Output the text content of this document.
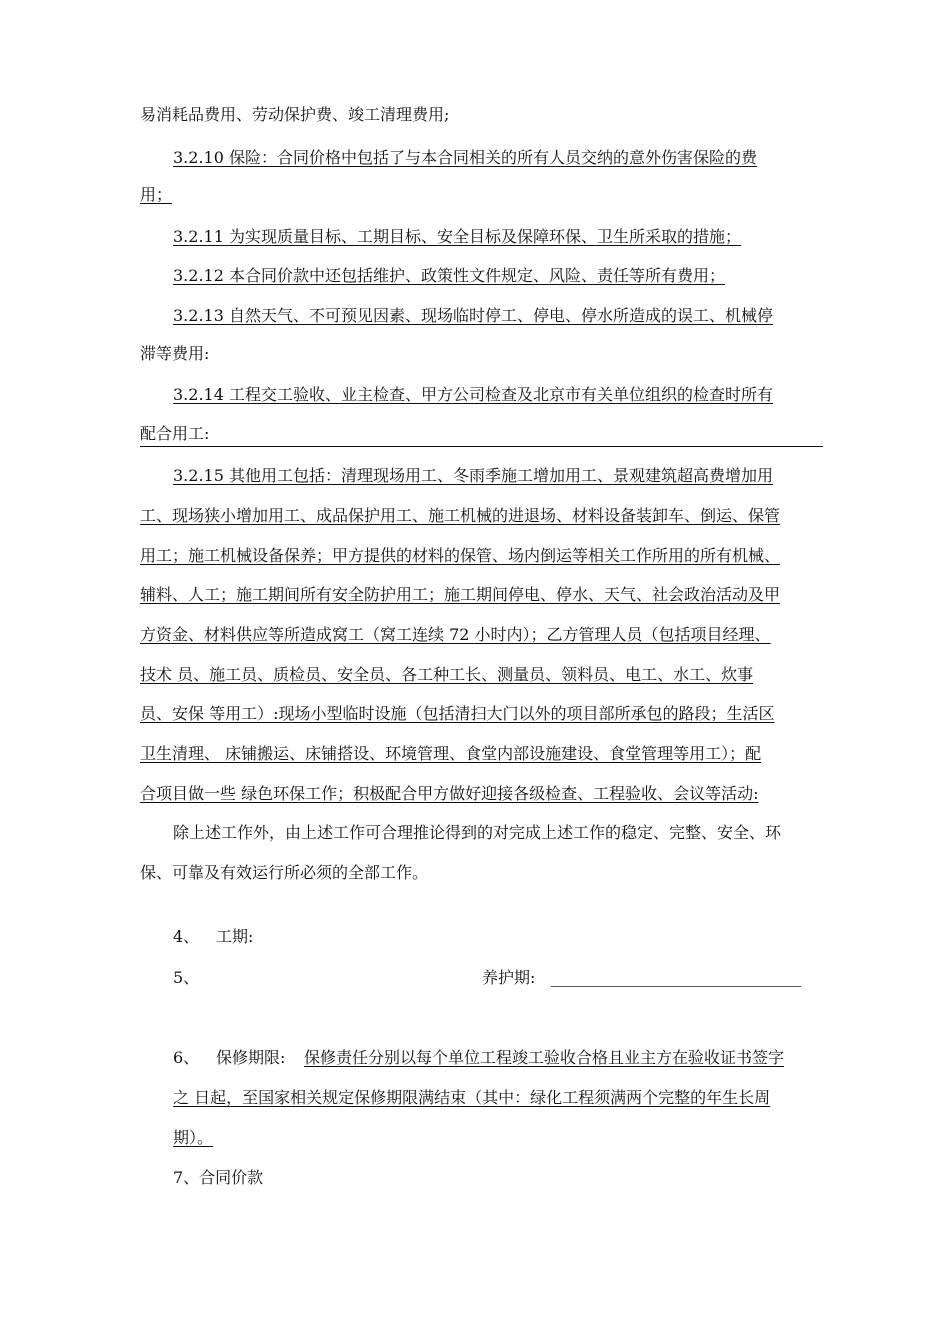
易消耗品费用、劳动保护费、竣工清理费用;
3.2.10 保险：合同价格中包括了与本合同相关的所有人员交纳的意外伤害保险的费
用；
3.2.11 为实现质量目标、工期目标、安全目标及保障环保、卫生所采取的措施；
3.2.12 本合同价款中还包括维护、政策性文件规定、风险、责任等所有费用；
3.2.13 自然天气、不可预见因素、现场临时停工、停电、停水所造成的误工、机械停
滞等费用:
3.2.14 工程交工验收、业主检查、甲方公司检查及北京市有关单位组织的检查时所有
配合用工:
3.2.15 其他用工包括：清理现场用工、冬雨季施工增加用工、景观建筑超高费增加用
工、现场狭小增加用工、成品保护用工、施工机械的进退场、材料设备装卸车、倒运、保管
用工；施工机械设备保养；甲方提供的材料的保管、场内倒运等相关工作所用的所有机械、
辅料、人工；施工期间所有安全防护用工；施工期间停电、停水、天气、社会政治活动及甲
方资金、材料供应等所造成窝工（窝工连续 72 小时内）；乙方管理人员（包括项目经理、
技术 员、施工员、质检员、安全员、各工种工长、测量员、领料员、电工、水工、炊事
员、安保 等用工）:现场小型临时设施（包括清扫大门以外的项目部所承包的路段；生活区
卫生清理、 床铺搬运、床铺搭设、环境管理、食堂内部设施建设、食堂管理等用工）；配
合项目做一些 绿色环保工作；积极配合甲方做好迎接各级检查、工程验收、会议等活动:
除上述工作外，由上述工作可合理推论得到的对完成上述工作的稳定、完整、安全、环
保、可靠及有效运行所必须的全部工作。
4、 工期:
5、	养护期:
6、 保修期限: 保修责任分别以每个单位工程竣工验收合格且业主方在验收证书签字
之 日起，至国家相关规定保修期限满结束（其中：绿化工程须满两个完整的年生长周
期）。
7、合同价款
